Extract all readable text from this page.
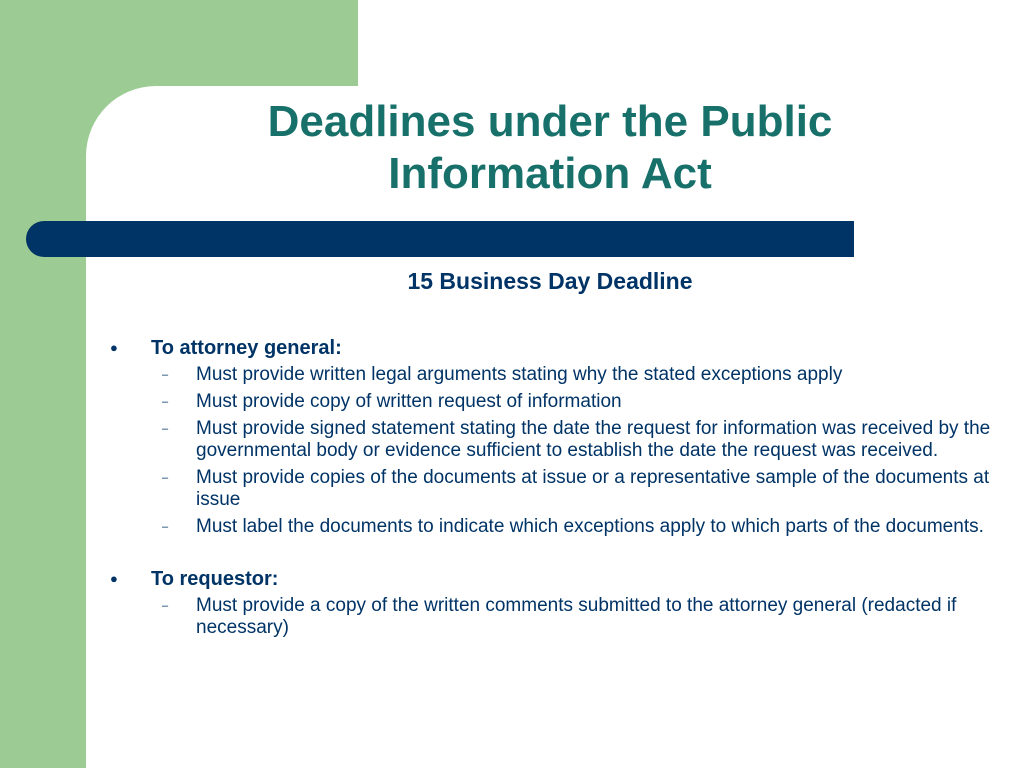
Deadlines under the Public
Information Act
15 Business Day Deadline
●	To attorney general:
–	Must provide written legal arguments stating why the stated exceptions apply
–	Must provide copy of written request of information
–	Must provide signed statement stating the date the request for information was received by the governmental body or evidence sufficient to establish the date the request was received.
–	Must provide copies of the documents at issue or a representative sample of the documents at issue
–	Must label the documents to indicate which exceptions apply to which parts of the documents.
●	To requestor:
–	Must provide a copy of the written comments submitted to the attorney general (redacted if necessary)
